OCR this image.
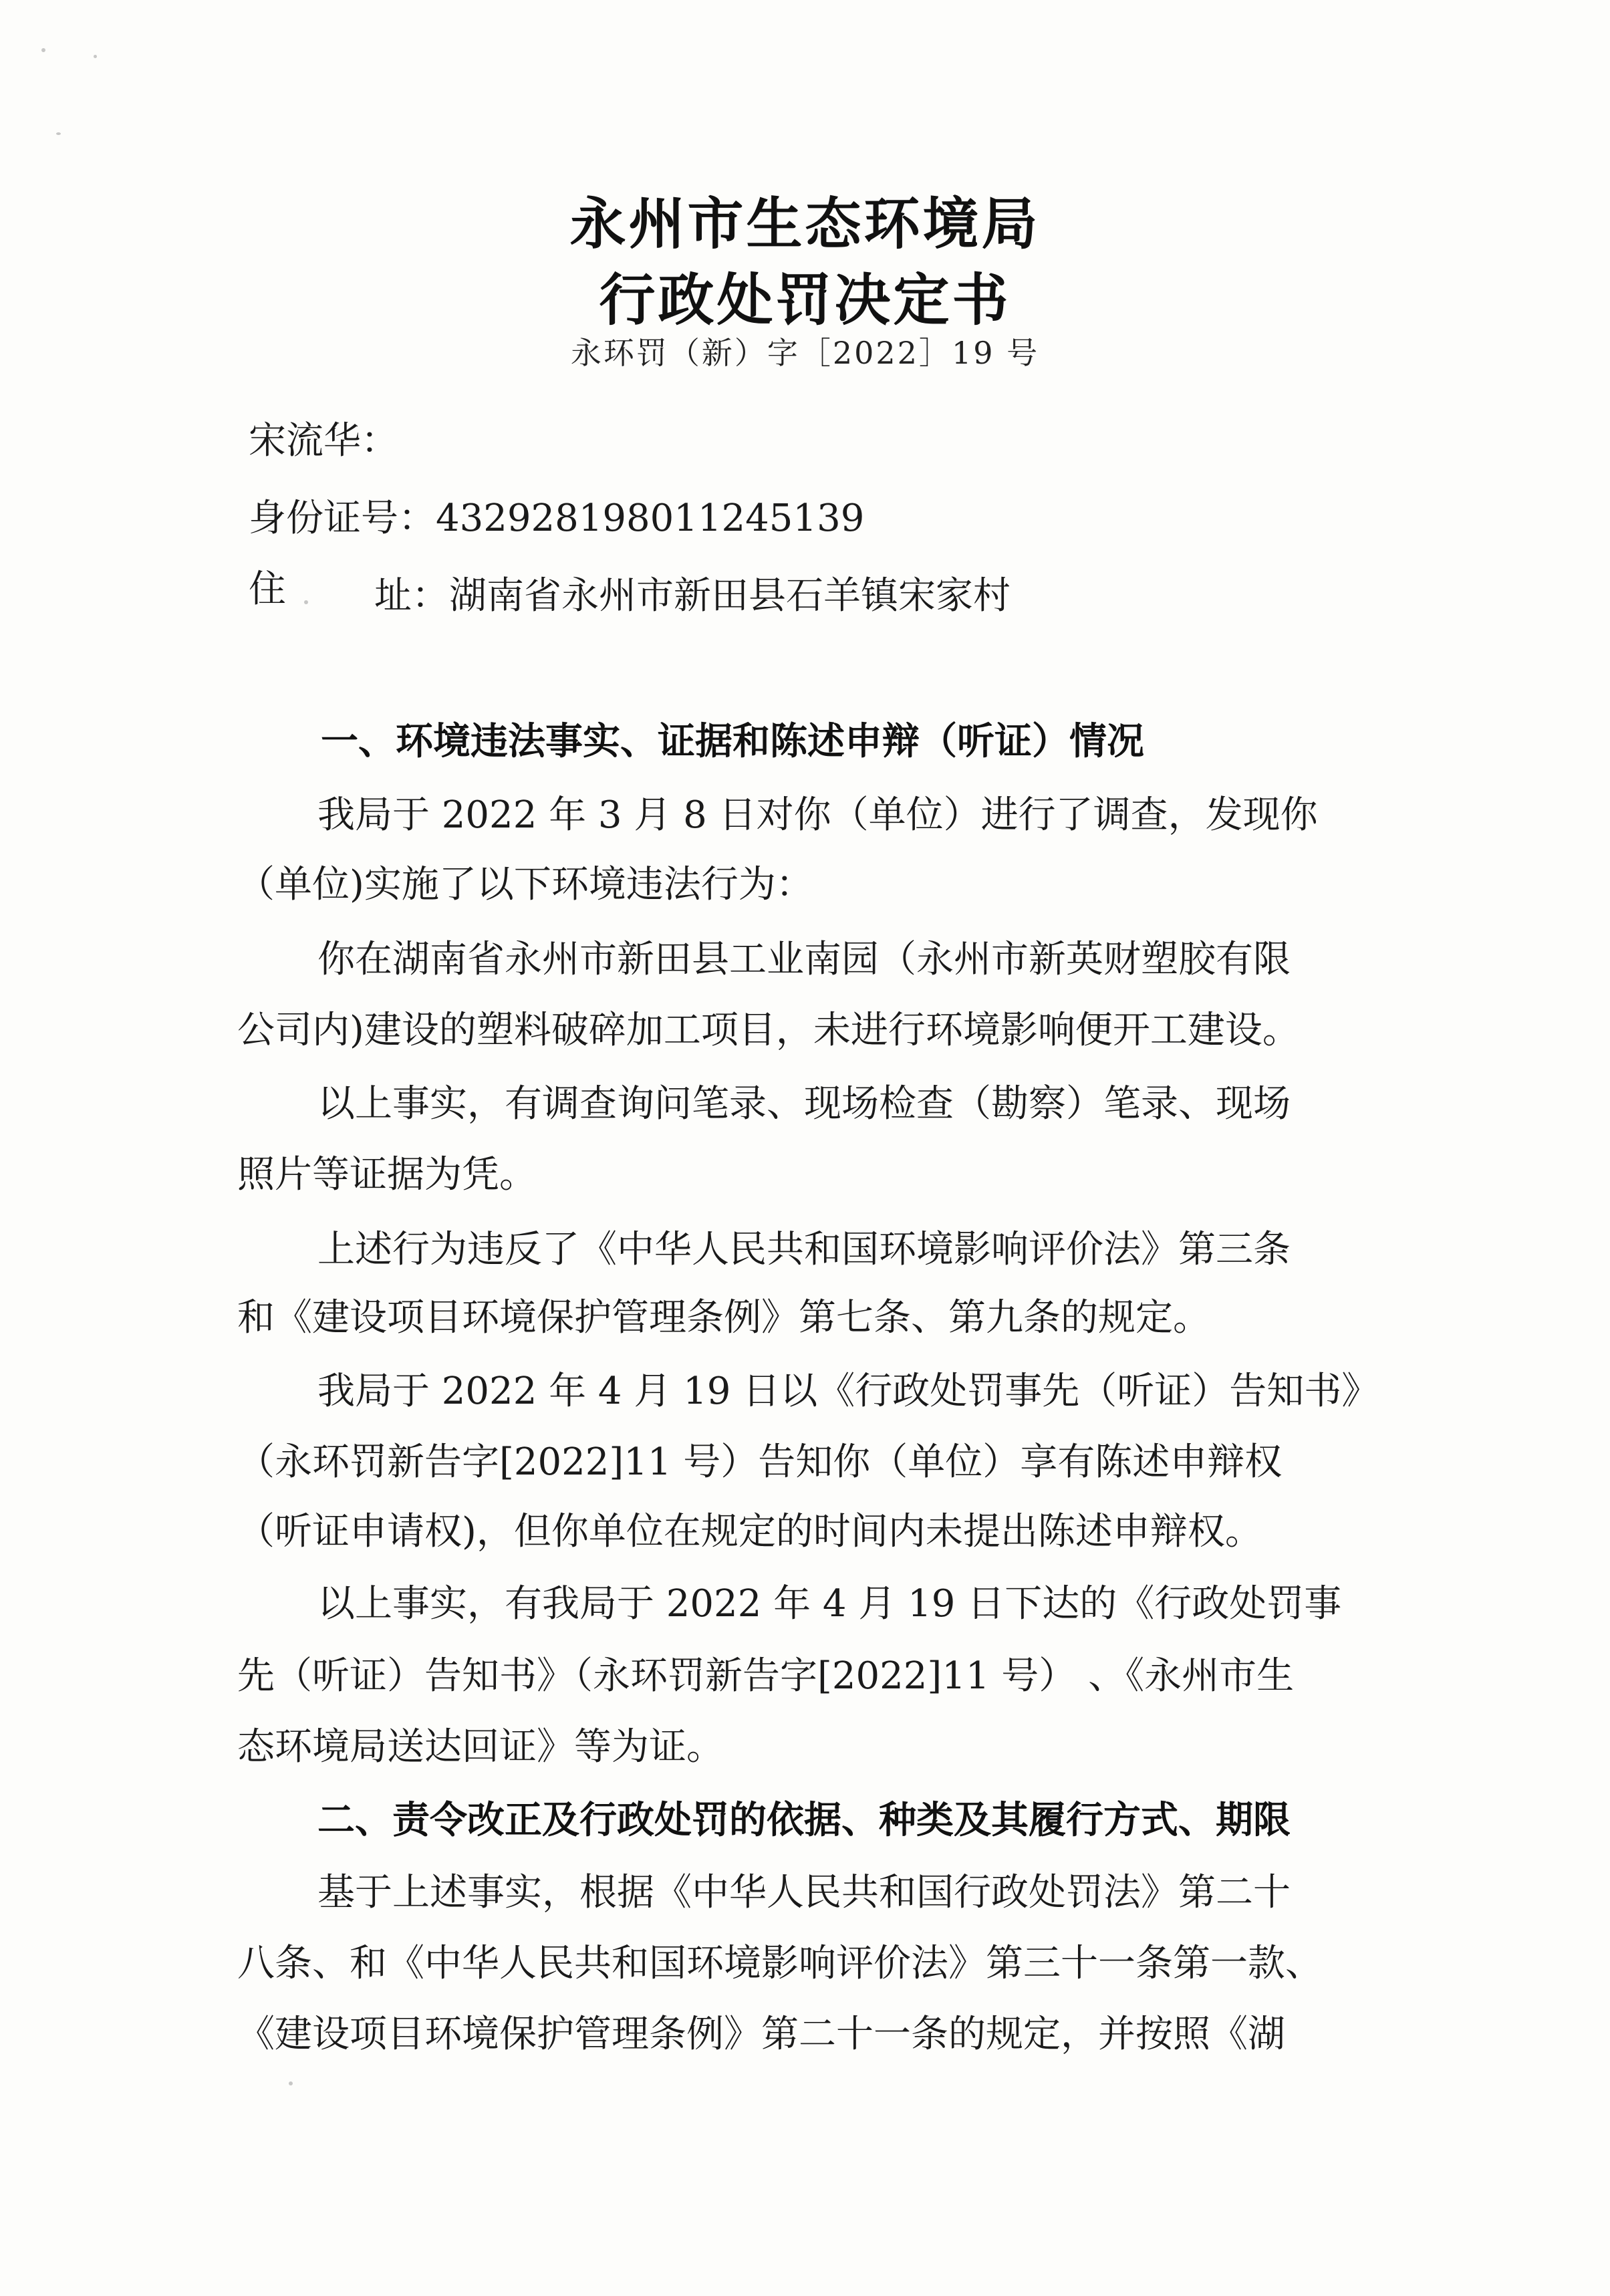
永州市生态环境局
行政处罚决定书
永环罚（新）字［2022］19 号
宋流华：
身份证号：432928198011245139
住 址：湖南省永州市新田县石羊镇宋家村
一、环境违法事实、证据和陈述申辩（听证）情况
我局于 2022 年 3 月 8 日对你（单位）进行了调查，发现你
（单位)实施了以下环境违法行为：
你在湖南省永州市新田县工业南园（永州市新英财塑胶有限
公司内)建设的塑料破碎加工项目，未进行环境影响便开工建设。
以上事实，有调查询问笔录、现场检查（勘察）笔录、现场
照片等证据为凭。
上述行为违反了《中华人民共和国环境影响评价法》第三条
和《建设项目环境保护管理条例》第七条、第九条的规定。
我局于 2022 年 4 月 19 日以《行政处罚事先（听证）告知书》
（永环罚新告字[2022]11 号）告知你（单位）享有陈述申辩权
（听证申请权)，但你单位在规定的时间内未提出陈述申辩权。
以上事实，有我局于 2022 年 4 月 19 日下达的《行政处罚事
先（听证）告知书》（永环罚新告字[2022]11 号） 、《永州市生
态环境局送达回证》等为证。
二、责令改正及行政处罚的依据、种类及其履行方式、期限
基于上述事实，根据《中华人民共和国行政处罚法》第二十
八条、和《中华人民共和国环境影响评价法》第三十一条第一款、
《建设项目环境保护管理条例》第二十一条的规定，并按照《湖
